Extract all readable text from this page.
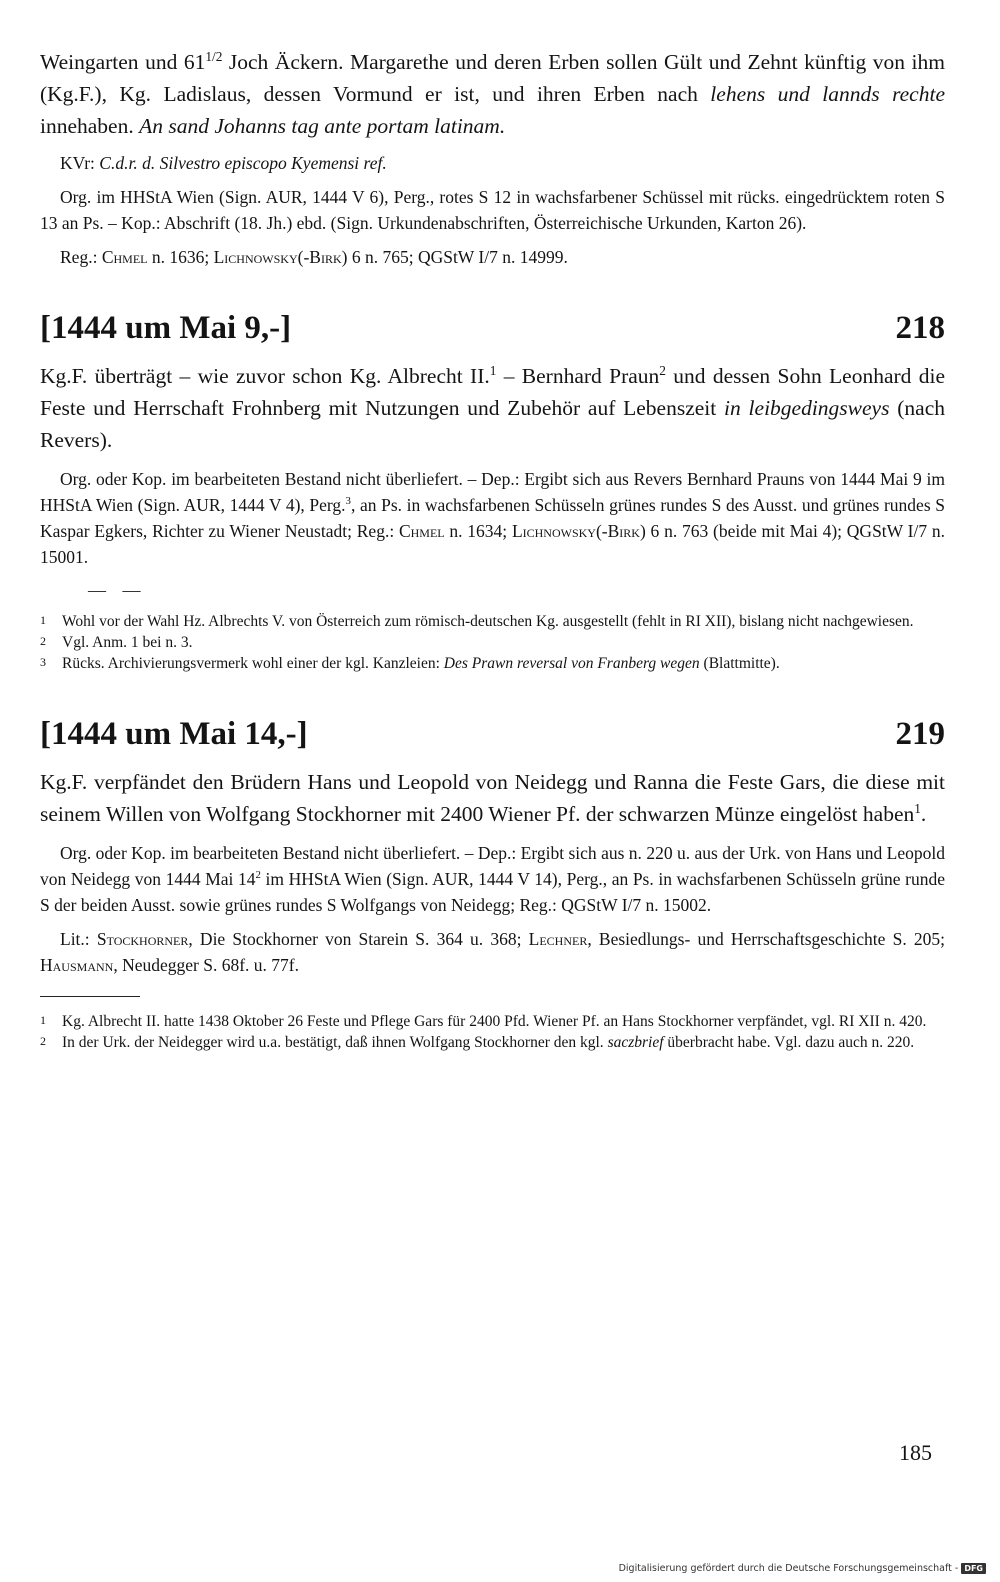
Weingarten und $61^{1/2}$ Joch Äckern. Margarethe und deren Erben sollen Gült und Zehnt künftig von ihm (Kg.F.), Kg. Ladislaus, dessen Vormund er ist, und ihren Erben nach lehens und lannds rechte innehaben. An sand Johanns tag ante portam latinam.

KVr: C.d.r. d. Silvestro episcopo Kyemensi ref.

Org. im HHStA Wien (Sign. AUR, 1444 V 6), Perg., rotes S 12 in wachsfarbener Schüssel mit rücks. eingedrücktem roten S 13 an Ps. – Kop.: Abschrift (18. Jh.) ebd. (Sign. Urkundenabschriften, Österreichische Urkunden, Karton 26).

Reg.: Chmel n. 1636; Lichnowsky(-Birk) 6 n. 765; QGStW I/7 n. 14999.

[1444 um Mai 9,-]	218

Kg.F. überträgt – wie zuvor schon Kg. Albrecht II.$^1$ – Bernhard Praun$^2$ und dessen Sohn Leonhard die Feste und Herrschaft Frohnberg mit Nutzungen und Zubehör auf Lebenszeit in leibgedingsweys (nach Revers).

Org. oder Kop. im bearbeiteten Bestand nicht überliefert. – Dep.: Ergibt sich aus Revers Bernhard Prauns von 1444 Mai 9 im HHStA Wien (Sign. AUR, 1444 V 4), Perg.$^3$, an Ps. in wachsfarbenen Schüsseln grünes rundes S des Ausst. und grünes rundes S Kaspar Egkers, Richter zu Wiener Neustadt; Reg.: Chmel n. 1634; Lichnowsky(-Birk) 6 n. 763 (beide mit Mai 4); QGStW I/7 n. 15001.

— —
1	Wohl vor der Wahl Hz. Albrechts V. von Österreich zum römisch-deutschen Kg. ausgestellt (fehlt in RI XII), bislang nicht nachgewiesen.
2	Vgl. Anm. 1 bei n. 3.
3	Rücks. Archivierungsvermerk wohl einer der kgl. Kanzleien: Des Prawn reversal von Franberg wegen (Blattmitte).
[1444 um Mai 14,-]	219

Kg.F. verpfändet den Brüdern Hans und Leopold von Neidegg und Ranna die Feste Gars, die diese mit seinem Willen von Wolfgang Stockhorner mit 2400 Wiener Pf. der schwarzen Münze eingelöst haben$^1$.

Org. oder Kop. im bearbeiteten Bestand nicht überliefert. – Dep.: Ergibt sich aus n. 220 u. aus der Urk. von Hans und Leopold von Neidegg von 1444 Mai $14^2$ im HHStA Wien (Sign. AUR, 1444 V 14), Perg., an Ps. in wachsfarbenen Schüsseln grüne runde S der beiden Ausst. sowie grünes rundes S Wolfgangs von Neidegg; Reg.: QGStW I/7 n. 15002.

Lit.: Stockhorner, Die Stockhorner von Starein S. 364 u. 368; Lechner, Besiedlungs- und Herrschaftsgeschichte S. 205; Hausmann, Neudegger S. 68f. u. 77f.

1	Kg. Albrecht II. hatte 1438 Oktober 26 Feste und Pflege Gars für 2400 Pfd. Wiener Pf. an Hans Stockhorner verpfändet, vgl. RI XII n. 420.
2	In der Urk. der Neidegger wird u.a. bestätigt, daß ihnen Wolfgang Stockhorner den kgl. saczbrief überbracht habe. Vgl. dazu auch n. 220.
185
Digitalisierung gefördert durch die Deutsche Forschungsgemeinschaft - DFG
